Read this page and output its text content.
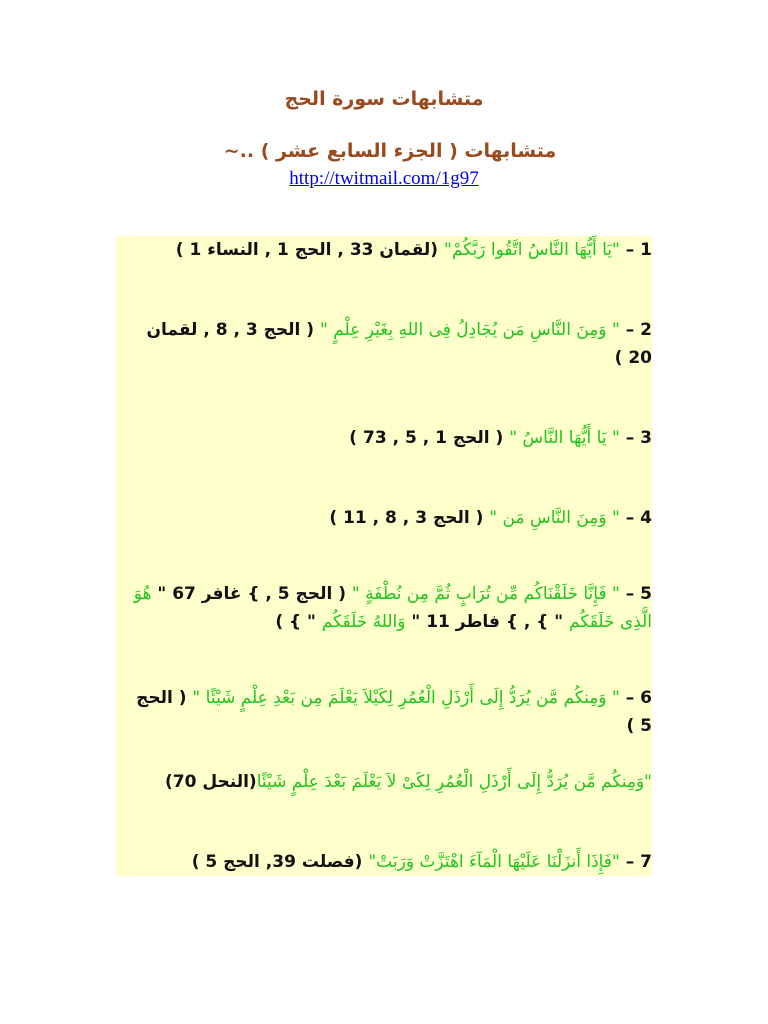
متشابهات سورة الحج
متشابهات ( الجزء السابع عشر ) ..~
http://twitmail.com/1g97
1 – "يَا أَيُّهَا النَّاسُ اتَّقُوا رَبَّكُمْ" (لقمان 33 , الحج 1 , النساء 1 )
2 – " وَمِنَ النَّاسِ مَن يُجَادِلُ فِى اللهِ بِغَيْرِ عِلْمٍ " ( الحج 3 , 8 , لقمان 20 )
3 – " يَا أَيُّهَا النَّاسُ " ( الحج 1 , 5 , 73 )
4 – " وَمِنَ النَّاسِ مَن " ( الحج 3 , 8 , 11 )
5 – " فَإِنَّا خَلَقْنَاكُم مِّن تُرَابٍ ثُمَّ مِن نُطْفَةٍ " ( الحج 5 , } غافر 67 " هُوَ الَّذِى خَلَقَكُم " } , } فاطر 11 " وَاللهُ خَلَقَكُم " } )
6 – " وَمِنكُم مَّن يُرَدُّ إِلَى أَرْذَلِ الْعُمُرِ لِكَيْلاَ يَعْلَمَ مِن بَعْدِ عِلْمٍ شَيْئًا " ( الحج 5 )
"وَمِنكُم مَّن يُرَدُّ إِلَى أَرْذَلِ الْعُمُرِ لِكَىْ لاَ يَعْلَمَ بَعْدَ عِلْمٍ شَيْئًا(النحل 70)
7 – "فَإِذَا أَنزَلْنَا عَلَيْهَا الْمَآءَ اهْتَزَّتْ وَرَبَتْ" (فصلت 39, الحج 5 )
